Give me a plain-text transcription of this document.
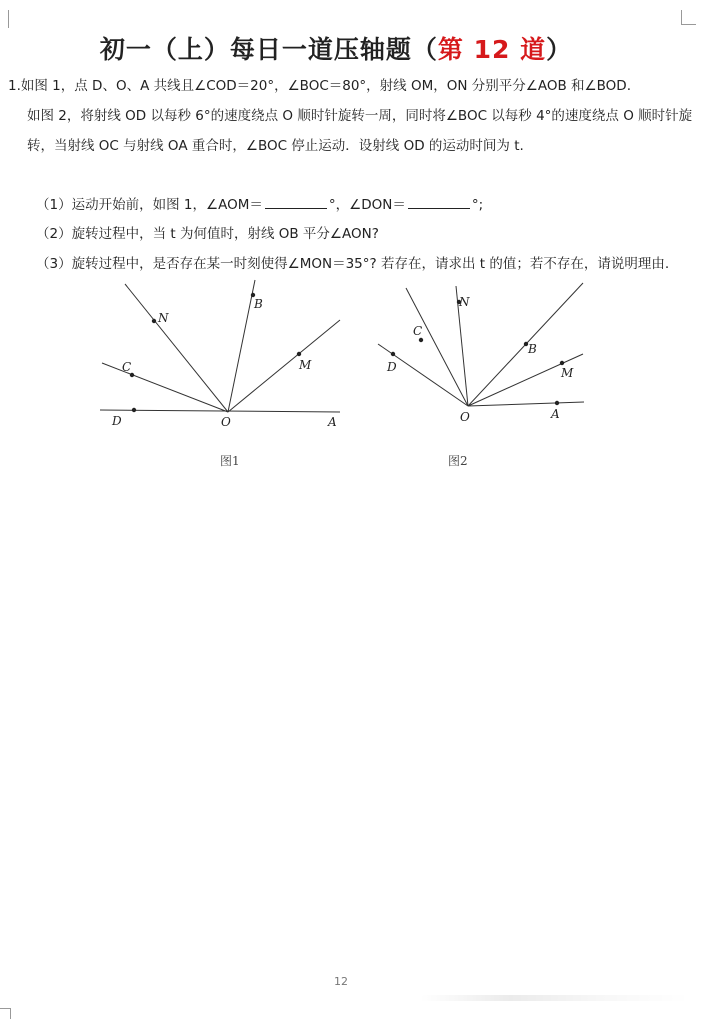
初一（上）每日一道压轴题（第 12 道）
1.如图 1，点 D、O、A 共线且∠COD＝20°，∠BOC＝80°，射线 OM，ON 分别平分∠AOB 和∠BOD.
如图 2，将射线 OD 以每秒 6°的速度绕点 O 顺时针旋转一周，同时将∠BOC 以每秒 4°的速度绕点 O 顺时针旋
转，当射线 OC 与射线 OA 重合时，∠BOC 停止运动．设射线 OD 的运动时间为 t.
（1）运动开始前，如图 1，∠AOM＝	°，∠DON＝	°;
（2）旋转过程中，当 t 为何值时，射线 OB 平分∠AON?
（3）旋转过程中，是否存在某一时刻使得∠MON＝35°? 若存在，请求出 t 的值；若不存在，请说明理由.
N
B
C	M
D	O	A
图1
A
M
B
N
C
D
O
图2
12
